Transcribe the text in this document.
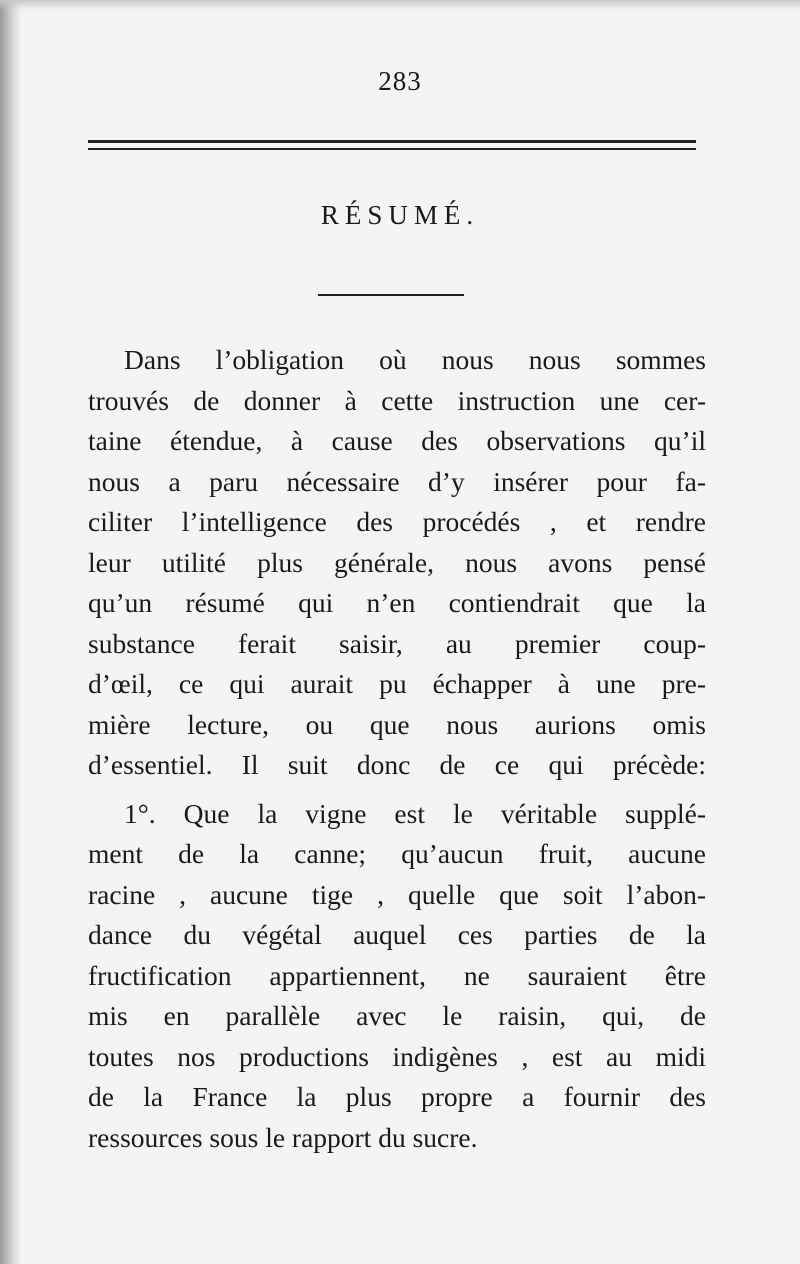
283
RÉSUMÉ.
Dans l’obligation où nous nous sommes
trouvés de donner à cette instruction une cer-
taine étendue, à cause des observations qu’il
nous a paru nécessaire d’y insérer pour fa-
ciliter l’intelligence des procédés , et rendre
leur utilité plus générale, nous avons pensé
qu’un résumé qui n’en contiendrait que la
substance ferait saisir, au premier coup-
d’œil, ce qui aurait pu échapper à une pre-
mière lecture, ou que nous aurions omis
d’essentiel. Il suit donc de ce qui précède:
1°. Que la vigne est le véritable supplé-
ment de la canne; qu’aucun fruit, aucune
racine , aucune tige , quelle que soit l’abon-
dance du végétal auquel ces parties de la
fructification appartiennent, ne sauraient être
mis en parallèle avec le raisin, qui, de
toutes nos productions indigènes , est au midi
de la France la plus propre a fournir des
ressources sous le rapport du sucre.
